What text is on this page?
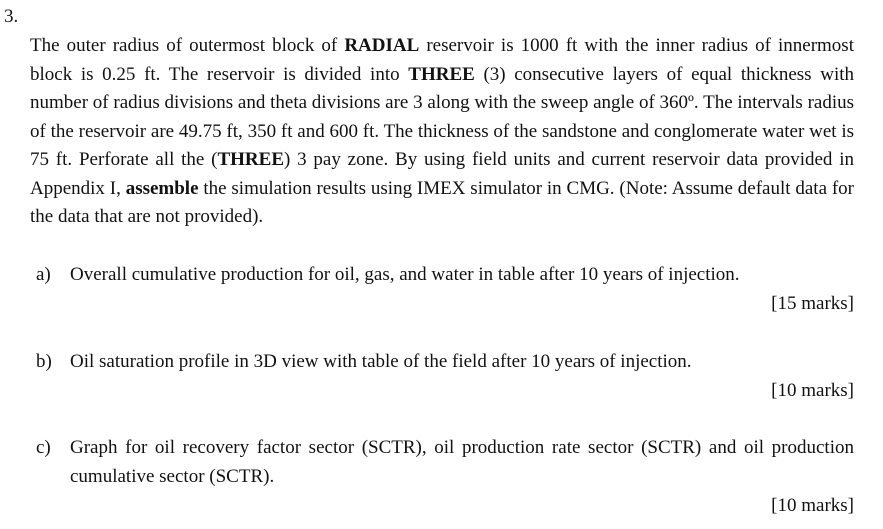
3.
The outer radius of outermost block of RADIAL reservoir is 1000 ft with the inner radius of innermost block is 0.25 ft. The reservoir is divided into THREE (3) consecutive layers of equal thickness with number of radius divisions and theta divisions are 3 along with the sweep angle of 360º. The intervals radius of the reservoir are 49.75 ft, 350 ft and 600 ft. The thickness of the sandstone and conglomerate water wet is 75 ft. Perforate all the (THREE) 3 pay zone. By using field units and current reservoir data provided in Appendix I, assemble the simulation results using IMEX simulator in CMG. (Note: Assume default data for the data that are not provided).
a) Overall cumulative production for oil, gas, and water in table after 10 years of injection.
[15 marks]
b) Oil saturation profile in 3D view with table of the field after 10 years of injection.
[10 marks]
c) Graph for oil recovery factor sector (SCTR), oil production rate sector (SCTR) and oil production cumulative sector (SCTR).
[10 marks]
